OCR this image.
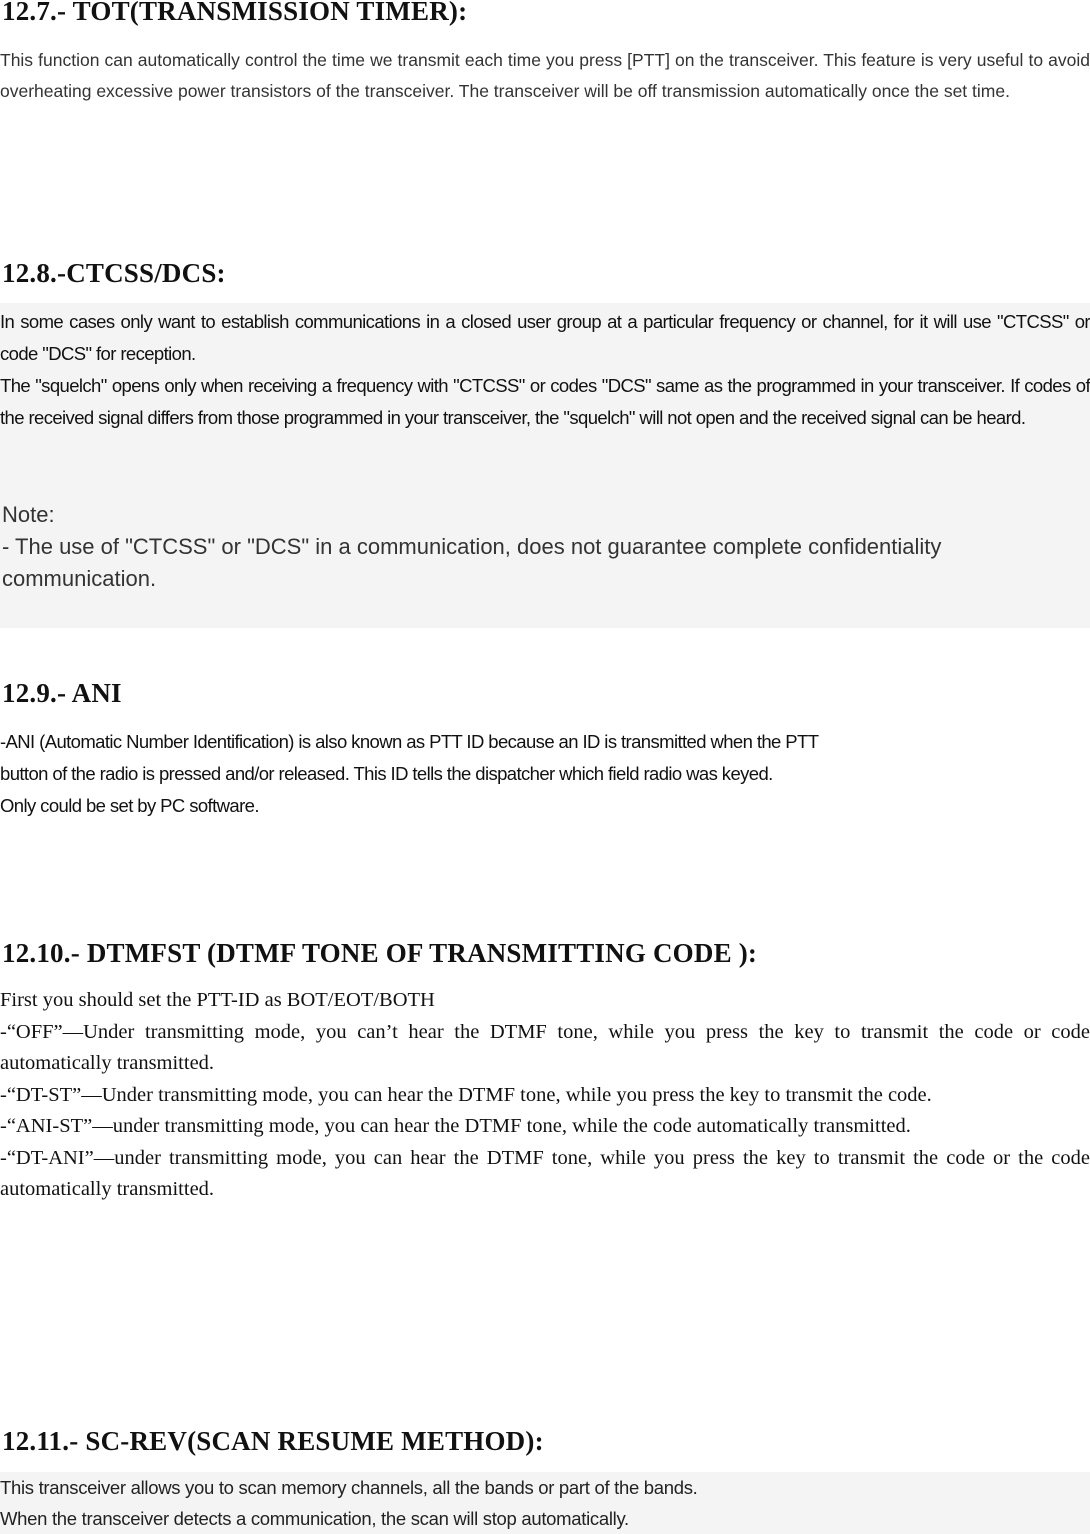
12.7.- TOT(TRANSMISSION TIMER):

This function can automatically control the time we transmit each time you press [PTT] on the transceiver. This feature is very useful to avoid overheating excessive power transistors of the transceiver. The transceiver will be off transmission automatically once the set time.

12.8.-CTCSS/DCS:

In some cases only want to establish communications in a closed user group at a particular frequency or channel, for it will use "CTCSS" or code "DCS" for reception.

The "squelch" opens only when receiving a frequency with "CTCSS" or codes "DCS" same as the programmed in your transceiver. If codes of the received signal differs from those programmed in your transceiver, the "squelch" will not open and the received signal can be heard.

Note:

- The use of "CTCSS" or "DCS" in a communication, does not guarantee complete confidentiality communication.

12.9.- ANI
-ANI (Automatic Number Identification) is also known as PTT ID because an ID is transmitted when the PTT
button of the radio is pressed and/or released. This ID tells the dispatcher which field radio was keyed.
Only could be set by PC software.
12.10.- DTMFST (DTMF TONE OF TRANSMITTING CODE ):

First you should set the PTT-ID as BOT/EOT/BOTH

-“OFF”—Under transmitting mode, you can’t hear the DTMF tone, while you press the key to transmit the code or code automatically transmitted.

-“DT-ST”—Under transmitting mode, you can hear the DTMF tone, while you press the key to transmit the code.

-“ANI-ST”—under transmitting mode, you can hear the DTMF tone, while the code automatically transmitted.

-“DT-ANI”—under transmitting mode, you can hear the DTMF tone, while you press the key to transmit the code or the code automatically transmitted.

12.11.- SC-REV(SCAN RESUME METHOD):
This transceiver allows you to scan memory channels, all the bands or part of the bands.
When the transceiver detects a communication, the scan will stop automatically.
